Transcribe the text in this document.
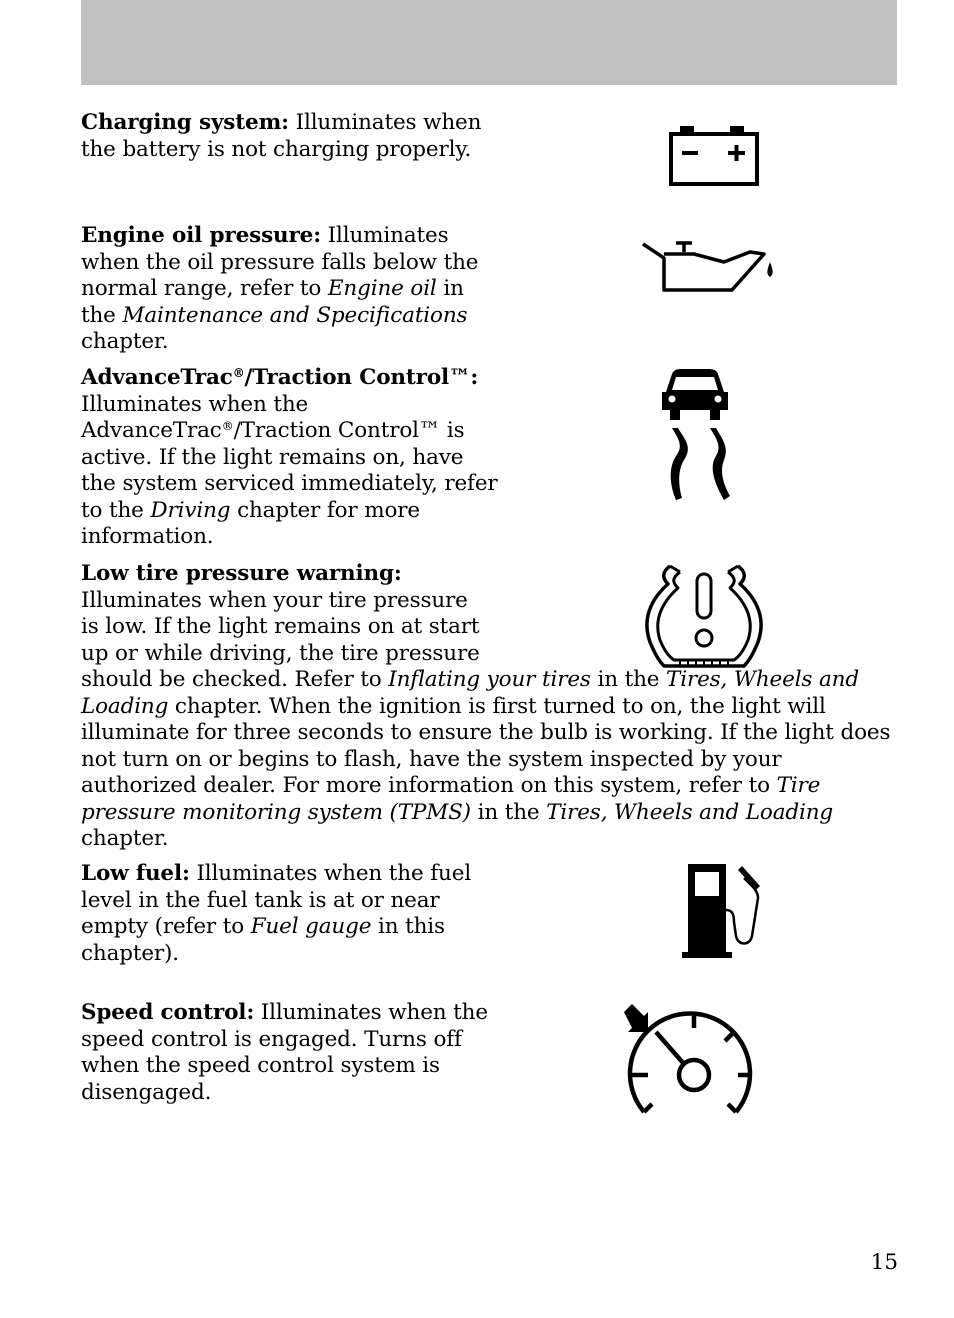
Charging system: Illuminates when the battery is not charging properly.

Engine oil pressure: Illuminates when the oil pressure falls below the normal range, refer to Engine oil in the Maintenance and Specifications chapter.

AdvanceTrac®/Traction Control™: Illuminates when the AdvanceTrac®/Traction Control™ is active. If the light remains on, have the system serviced immediately, refer to the Driving chapter for more information.

Low tire pressure warning: Illuminates when your tire pressure is low. If the light remains on at start up or while driving, the tire pressure should be checked. Refer to Inflating your tires in the Tires, Wheels and Loading chapter. When the ignition is first turned to on, the light will illuminate for three seconds to ensure the bulb is working. If the light does not turn on or begins to flash, have the system inspected by your authorized dealer. For more information on this system, refer to Tire pressure monitoring system (TPMS) in the Tires, Wheels and Loading chapter.

Low fuel: Illuminates when the fuel level in the fuel tank is at or near empty (refer to Fuel gauge in this chapter).

Speed control: Illuminates when the speed control is engaged. Turns off when the speed control system is disengaged.

15
